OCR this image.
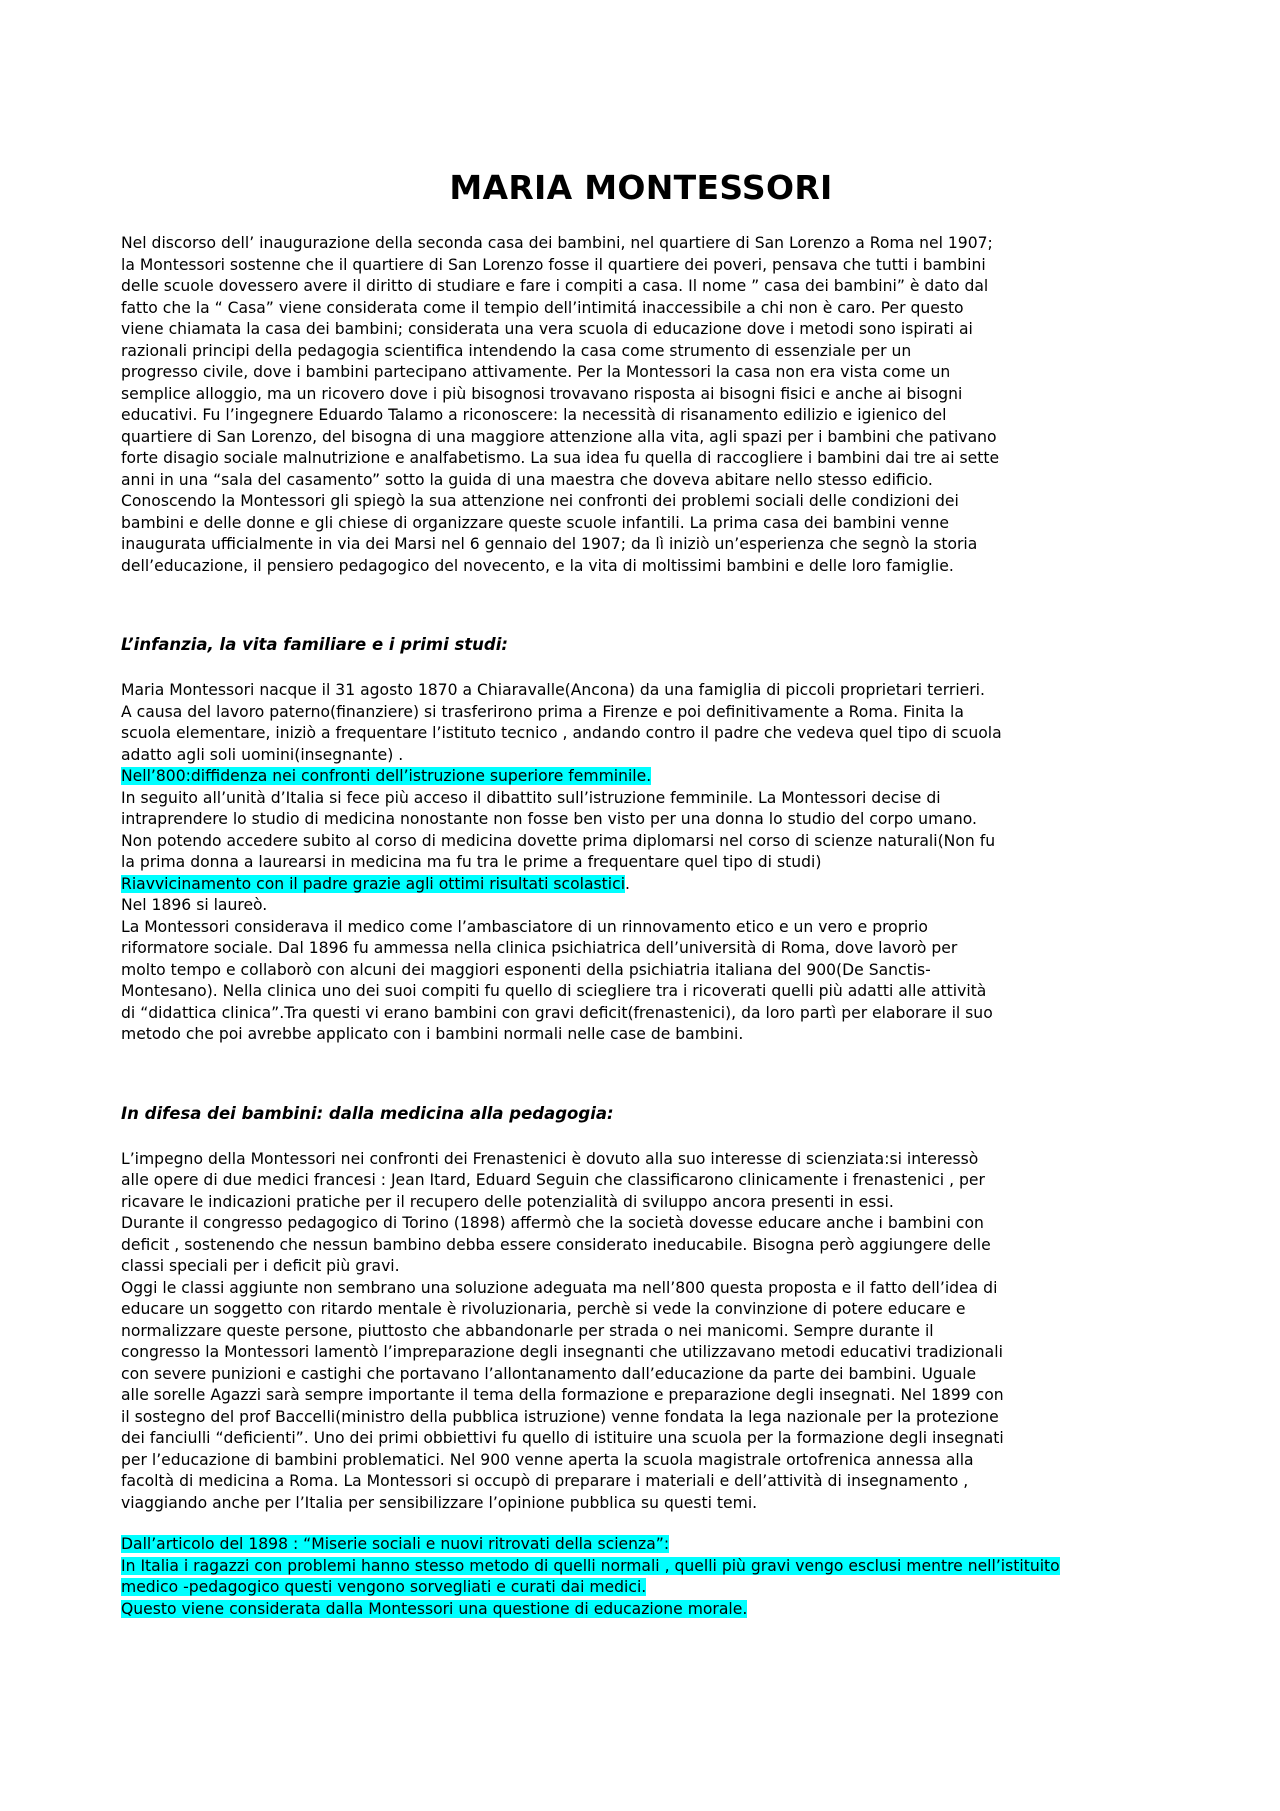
MARIA MONTESSORI

Nel discorso dell’ inaugurazione della seconda casa dei bambini, nel quartiere di San Lorenzo a Roma nel 1907;
la Montessori sostenne che il quartiere di San Lorenzo fosse il quartiere dei poveri, pensava che tutti i bambini
delle scuole dovessero avere il diritto di studiare e fare i compiti a casa. Il nome ” casa dei bambini” è dato dal
fatto che la “ Casa” viene considerata come il tempio dell’intimitá inaccessibile a chi non è caro. Per questo
viene chiamata la casa dei bambini; considerata una vera scuola di educazione dove i metodi sono ispirati ai
razionali principi della pedagogia scientifica intendendo la casa come strumento di essenziale per un
progresso civile, dove i bambini partecipano attivamente. Per la Montessori la casa non era vista come un
semplice alloggio, ma un ricovero dove i più bisognosi trovavano risposta ai bisogni fisici e anche ai bisogni
educativi. Fu l’ingegnere Eduardo Talamo a riconoscere: la necessità di risanamento edilizio e igienico del
quartiere di San Lorenzo, del bisogna di una maggiore attenzione alla vita, agli spazi per i bambini che pativano
forte disagio sociale malnutrizione e analfabetismo. La sua idea fu quella di raccogliere i bambini dai tre ai sette
anni in una “sala del casamento” sotto la guida di una maestra che doveva abitare nello stesso edificio.
Conoscendo la Montessori gli spiegò la sua attenzione nei confronti dei problemi sociali delle condizioni dei
bambini e delle donne e gli chiese di organizzare queste scuole infantili. La prima casa dei bambini venne
inaugurata ufficialmente in via dei Marsi nel 6 gennaio del 1907; da lì iniziò un’esperienza che segnò la storia
dell’educazione, il pensiero pedagogico del novecento, e la vita di moltissimi bambini e delle loro famiglie.

L’infanzia, la vita familiare e i primi studi:

Maria Montessori nacque il 31 agosto 1870 a Chiaravalle(Ancona) da una famiglia di piccoli proprietari terrieri.
A causa del lavoro paterno(finanziere) si trasferirono prima a Firenze e poi definitivamente a Roma. Finita la
scuola elementare, iniziò a frequentare l’istituto tecnico , andando contro il padre che vedeva quel tipo di scuola
adatto agli soli uomini(insegnante) .

Nell’800:diffidenza nei confronti dell’istruzione superiore femminile.

In seguito all’unità d’Italia si fece più acceso il dibattito sull’istruzione femminile. La Montessori decise di
intraprendere lo studio di medicina nonostante non fosse ben visto per una donna lo studio del corpo umano.
Non potendo accedere subito al corso di medicina dovette prima diplomarsi nel corso di scienze naturali(Non fu
la prima donna a laurearsi in medicina ma fu tra le prime a frequentare quel tipo di studi)

Riavvicinamento con il padre grazie agli ottimi risultati scolastici.

Nel 1896 si laureò.
La Montessori considerava il medico come l’ambasciatore di un rinnovamento etico e un vero e proprio
riformatore sociale. Dal 1896 fu ammessa nella clinica psichiatrica dell’università di Roma, dove lavorò per
molto tempo e collaborò con alcuni dei maggiori esponenti della psichiatria italiana del 900(De Sanctis-
Montesano). Nella clinica uno dei suoi compiti fu quello di sciegliere tra i ricoverati quelli più adatti alle attività
di “didattica clinica”.Tra questi vi erano bambini con gravi deficit(frenastenici), da loro partì per elaborare il suo
metodo che poi avrebbe applicato con i bambini normali nelle case de bambini.

In difesa dei bambini: dalla medicina alla pedagogia:

L’impegno della Montessori nei confronti dei Frenastenici è dovuto alla suo interesse di scienziata:si interessò
alle opere di due medici francesi : Jean Itard, Eduard Seguin che classificarono clinicamente i frenastenici , per
ricavare le indicazioni pratiche per il recupero delle potenzialità di sviluppo ancora presenti in essi.
Durante il congresso pedagogico di Torino (1898) affermò che la società dovesse educare anche i bambini con
deficit , sostenendo che nessun bambino debba essere considerato ineducabile. Bisogna però aggiungere delle
classi speciali per i deficit più gravi.
Oggi le classi aggiunte non sembrano una soluzione adeguata ma nell’800 questa proposta e il fatto dell’idea di
educare un soggetto con ritardo mentale è rivoluzionaria, perchè si vede la convinzione di potere educare e
normalizzare queste persone, piuttosto che abbandonarle per strada o nei manicomi. Sempre durante il
congresso la Montessori lamentò l’impreparazione degli insegnanti che utilizzavano metodi educativi tradizionali
con severe punizioni e castighi che portavano l’allontanamento dall’educazione da parte dei bambini. Uguale
alle sorelle Agazzi sarà sempre importante il tema della formazione e preparazione degli insegnati. Nel 1899 con
il sostegno del prof Baccelli(ministro della pubblica istruzione) venne fondata la lega nazionale per la protezione
dei fanciulli “deficienti”. Uno dei primi obbiettivi fu quello di istituire una scuola per la formazione degli insegnati
per l’educazione di bambini problematici. Nel 900 venne aperta la scuola magistrale ortofrenica annessa alla
facoltà di medicina a Roma. La Montessori si occupò di preparare i materiali e dell’attività di insegnamento ,
viaggiando anche per l’Italia per sensibilizzare l’opinione pubblica su questi temi.

Dall’articolo del 1898 : “Miserie sociali e nuovi ritrovati della scienza”:

In Italia i ragazzi con problemi hanno stesso metodo di quelli normali , quelli più gravi vengo esclusi mentre nell’istituito

medico -pedagogico questi vengono sorvegliati e curati dai medici.

Questo viene considerata dalla Montessori una questione di educazione morale.
